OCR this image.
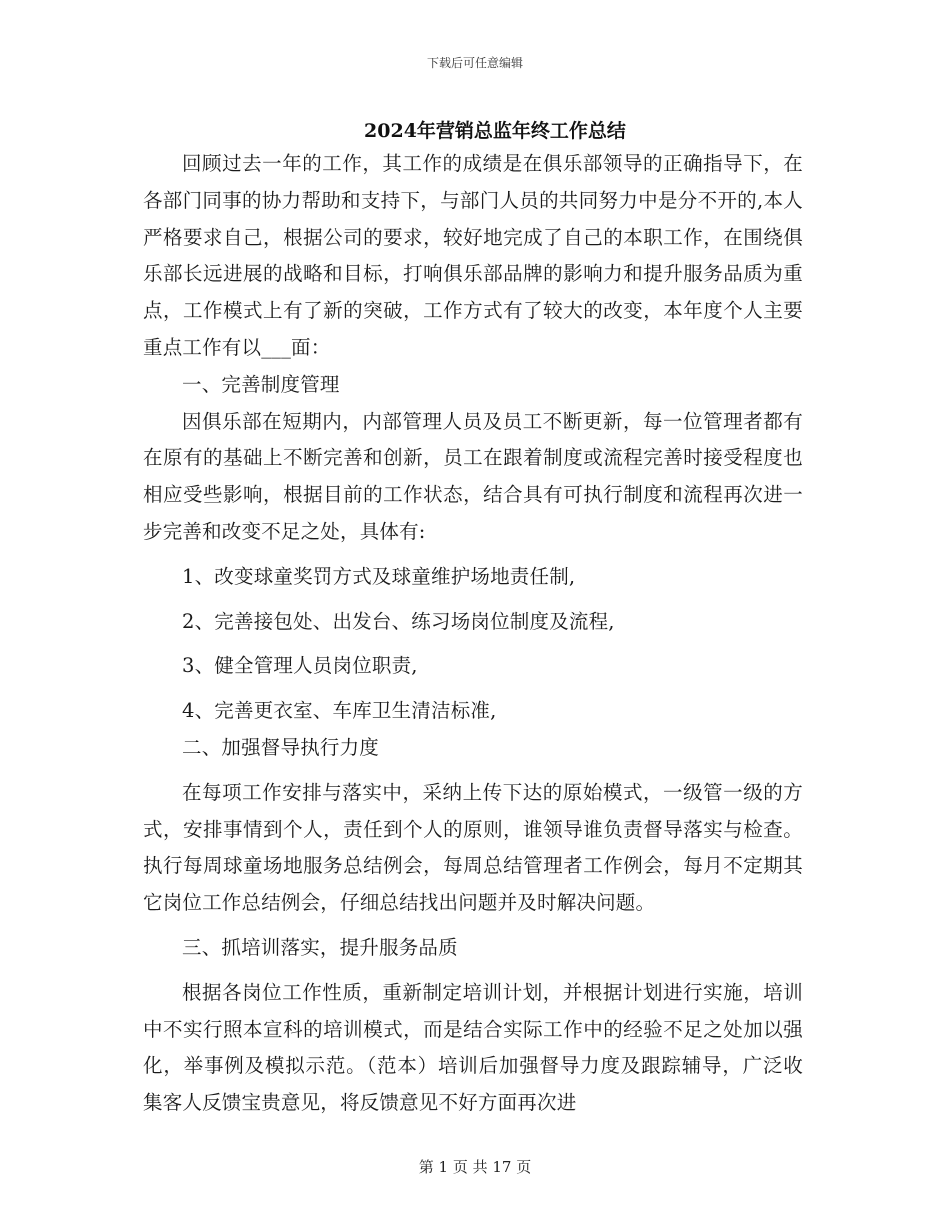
下载后可任意编辑
2024年营销总监年终工作总结

回顾过去一年的工作，其工作的成绩是在俱乐部领导的正确指导下，在各部门同事的协力帮助和支持下，与部门人员的共同努力中是分不开的,本人严格要求自己，根据公司的要求，较好地完成了自己的本职工作，在围绕俱乐部长远进展的战略和目标，打响俱乐部品牌的影响力和提升服务品质为重点，工作模式上有了新的突破，工作方式有了较大的改变，本年度个人主要重点工作有以___面：

一、完善制度管理

因俱乐部在短期内，内部管理人员及员工不断更新，每一位管理者都有在原有的基础上不断完善和创新，员工在跟着制度或流程完善时接受程度也相应受些影响，根据目前的工作状态，结合具有可执行制度和流程再次进一步完善和改变不足之处，具体有:

1、改变球童奖罚方式及球童维护场地责任制,

2、完善接包处、出发台、练习场岗位制度及流程,

3、健全管理人员岗位职责,

4、完善更衣室、车库卫生清洁标准,

二、加强督导执行力度

在每项工作安排与落实中，采纳上传下达的原始模式，一级管一级的方式，安排事情到个人，责任到个人的原则，谁领导谁负责督导落实与检查。执行每周球童场地服务总结例会，每周总结管理者工作例会，每月不定期其它岗位工作总结例会，仔细总结找出问题并及时解决问题。

三、抓培训落实，提升服务品质

根据各岗位工作性质，重新制定培训计划，并根据计划进行实施，培训中不实行照本宣科的培训模式，而是结合实际工作中的经验不足之处加以强化，举事例及模拟示范。（范本）培训后加强督导力度及跟踪辅导，广泛收集客人反馈宝贵意见，将反馈意见不好方面再次进

第 1 页 共 17 页
